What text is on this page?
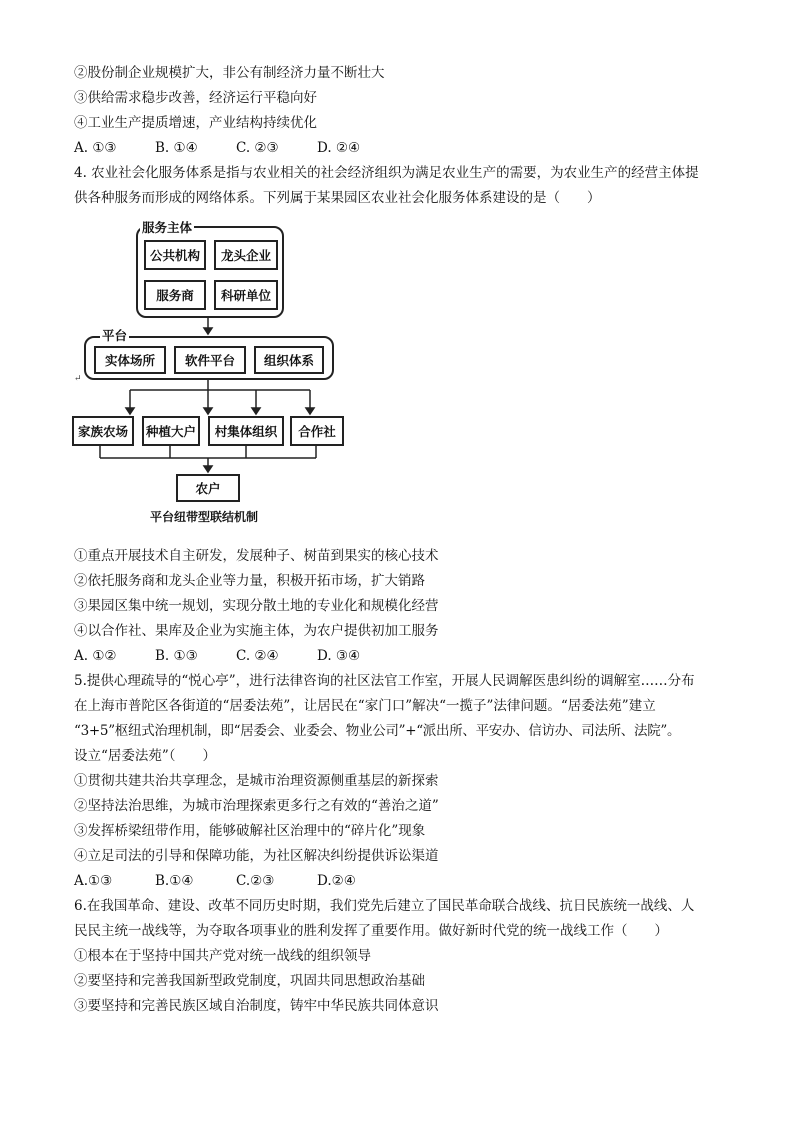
②股份制企业规模扩大，非公有制经济力量不断壮大
③供给需求稳步改善，经济运行平稳向好
④工业生产提质增速，产业结构持续优化
A. ①③	B. ①④	C. ②③	D. ②④
4. 农业社会化服务体系是指与农业相关的社会经济组织为满足农业生产的需要，为农业生产的经营主体提
供各种服务而形成的网络体系。下列属于某果园区农业社会化服务体系建设的是（　　）
服务主体
公共机构	龙头企业
服务商	科研单位
平台
实体场所	软件平台	组织体系
↵
家族农场	种植大户	村集体组织	合作社
农户
平台纽带型联结机制
①重点开展技术自主研发，发展种子、树苗到果实的核心技术
②依托服务商和龙头企业等力量，积极开拓市场，扩大销路
③果园区集中统一规划，实现分散土地的专业化和规模化经营
④以合作社、果库及企业为实施主体，为农户提供初加工服务
A. ①②	B. ①③	C. ②④	D. ③④
5.提供心理疏导的“悦心亭”，进行法律咨询的社区法官工作室，开展人民调解医患纠纷的调解室……分布
在上海市普陀区各街道的“居委法苑”，让居民在“家门口”解决“一揽子”法律问题。“居委法苑”建立
“3+5”枢纽式治理机制，即“居委会、业委会、物业公司”+“派出所、平安办、信访办、司法所、法院”。
设立“居委法苑”（　　）
①贯彻共建共治共享理念，是城市治理资源侧重基层的新探索
②坚持法治思维，为城市治理探索更多行之有效的“善治之道”
③发挥桥梁纽带作用，能够破解社区治理中的“碎片化”现象
④立足司法的引导和保障功能，为社区解决纠纷提供诉讼渠道
A.①③	B.①④	C.②③	D.②④
6.在我国革命、建设、改革不同历史时期，我们党先后建立了国民革命联合战线、抗日民族统一战线、人
民民主统一战线等，为夺取各项事业的胜利发挥了重要作用。做好新时代党的统一战线工作（　　）
①根本在于坚持中国共产党对统一战线的组织领导
②要坚持和完善我国新型政党制度，巩固共同思想政治基础
③要坚持和完善民族区域自治制度，铸牢中华民族共同体意识
